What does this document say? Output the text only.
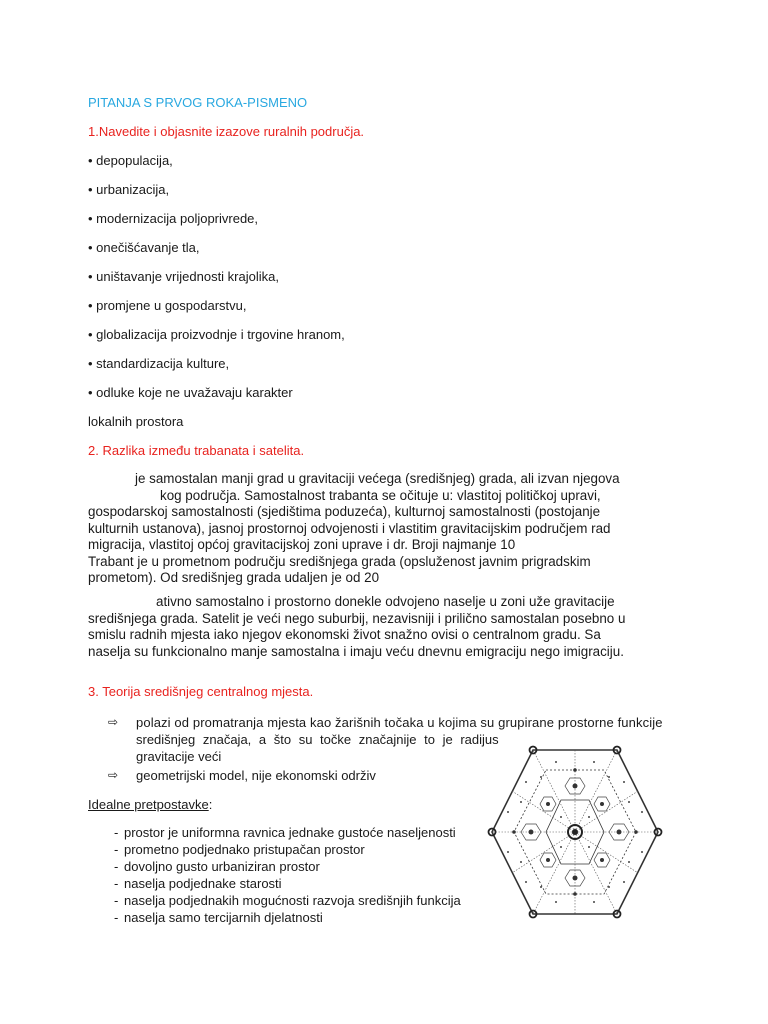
PITANJA S PRVOG ROKA-PISMENO
1.Navedite i objasnite izazove ruralnih područja.
• depopulacija,
• urbanizacija,
• modernizacija poljoprivrede,
• onečišćavanje tla,
• uništavanje vrijednosti krajolika,
• promjene u gospodarstvu,
• globalizacija proizvodnje i trgovine hranom,
• standardizacija kulture,
• odluke koje ne uvažavaju karakter
lokalnih prostora
2. Razlika između trabanata i satelita.
je samostalan manji grad u gravitaciji većega (središnjeg) grada, ali izvan njegova
kog područja. Samostalnost trabanta se očituje u: vlastitoj političkoj upravi,
gospodarskoj samostalnosti (sjedištima poduzeća), kulturnoj samostalnosti (postojanje
kulturnih ustanova), jasnoj prostornoj odvojenosti i vlastitim gravitacijskim područjem rad
migracija, vlastitoj općoj gravitacijskoj zoni uprave i dr. Broji najmanje 10
Trabant je u prometnom području središnjega grada (opsluženost javnim prigradskim
prometom). Od središnjeg grada udaljen je od 20
ativno samostalno i prostorno donekle odvojeno naselje u zoni uže gravitacije
središnjega grada. Satelit je veći nego suburbij, nezavisniji i prilično samostalan posebno u
smislu radnih mjesta iako njegov ekonomski život snažno ovisi o centralnom gradu. Sa
naselja su funkcionalno manje samostalna i imaju veću dnevnu emigraciju nego imigraciju.
3. Teorija središnjeg centralnog mjesta.
⇨ polazi od promatranja mjesta kao žarišnih točaka u kojima su grupirane prostorne funkcije
središnjeg značaja, a što su točke značajnije to je radijus
gravitacije veći
⇨ geometrijski model, nije ekonomski održiv
Idealne pretpostavke:
- prostor je uniformna ravnica jednake gustoće naseljenosti
- prometno podjednako pristupačan prostor
- dovoljno gusto urbaniziran prostor
- naselja podjednake starosti
- naselja podjednakih mogućnosti razvoja središnjih funkcija
- naselja samo tercijarnih djelatnosti
